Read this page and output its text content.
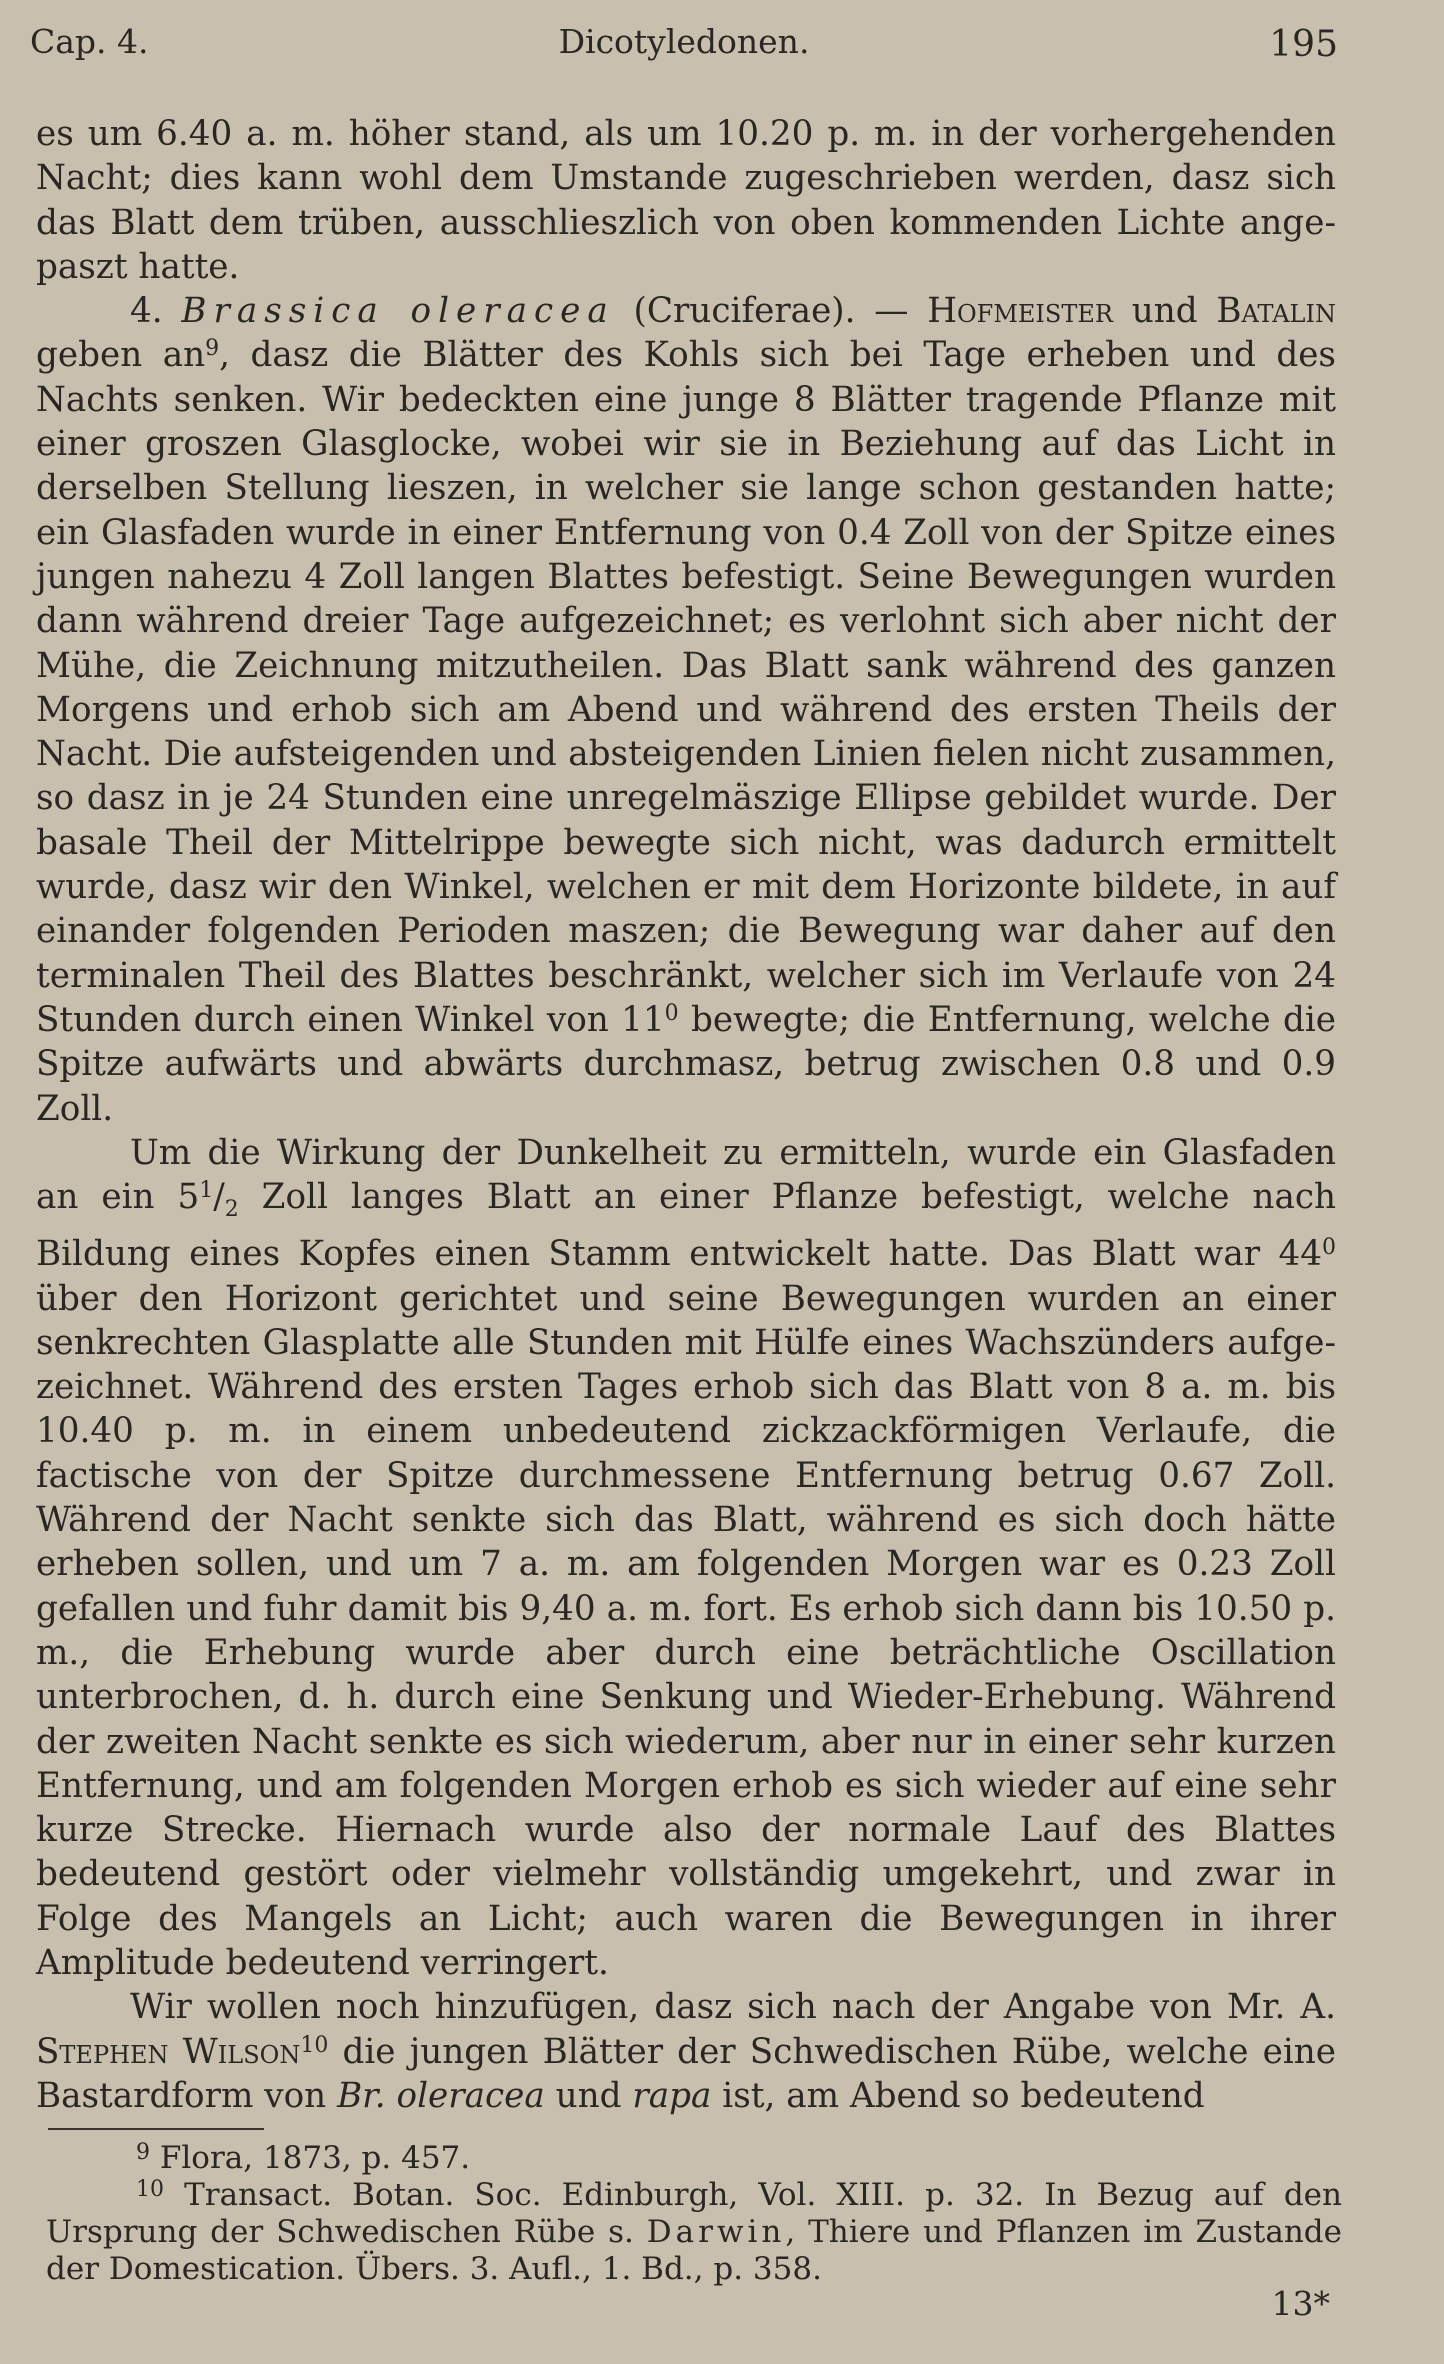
Cap. 4.	Dicotyledonen.	195

es um 6.40 a. m. höher stand, als um 10.20 p. m. in der vorhergehenden Nacht; dies kann wohl dem Umstande zugeschrieben werden, dasz sich das Blatt dem trüben, ausschlieszlich von oben kommenden Lichte angepaszt hatte.

4. Brassica oleracea (Cruciferae). — Hofmeister und Batalin geben $an^9$, dasz die Blätter des Kohls sich bei Tage erheben und des Nachts senken. Wir bedeckten eine junge 8 Blätter tragende Pflanze mit einer groszen Glasglocke, wobei wir sie in Beziehung auf das Licht in derselben Stellung lieszen, in welcher sie lange schon gestanden hatte; ein Glasfaden wurde in einer Entfernung von 0.4 Zoll von der Spitze eines jungen nahezu 4 Zoll langen Blattes befestigt. Seine Bewegungen wurden dann während dreier Tage aufgezeichnet; es verlohnt sich aber nicht der Mühe, die Zeichnung mitzutheilen. Das Blatt sank während des ganzen Morgens und erhob sich am Abend und während des ersten Theils der Nacht. Die aufsteigenden und absteigenden Linien fielen nicht zusammen, so dasz in je 24 Stunden eine unregelmäszige Ellipse gebildet wurde. Der basale Theil der Mittelrippe bewegte sich nicht, was dadurch ermittelt wurde, dasz wir den Winkel, welchen er mit dem Horizonte bildete, in auf einander folgenden Perioden maszen; die Bewegung war daher auf den terminalen Theil des Blattes beschränkt, welcher sich im Verlaufe von 24 Stunden durch einen Winkel von $11^0$ bewegte; die Entfernung, welche die Spitze aufwärts und abwärts durchmasz, betrug zwischen 0.8 und 0.9 Zoll.

Um die Wirkung der Dunkelheit zu ermitteln, wurde ein Glasfaden an ein $5^1/_2$ Zoll langes Blatt an einer Pflanze befestigt, welche nach Bildung eines Kopfes einen Stamm entwickelt hatte. Das Blatt war $44^0$ über den Horizont gerichtet und seine Bewegungen wurden an einer senkrechten Glasplatte alle Stunden mit Hülfe eines Wachszünders aufgezeichnet. Während des ersten Tages erhob sich das Blatt von 8 a. m. bis 10.40 p. m. in einem unbedeutend zickzackförmigen Verlaufe, die factische von der Spitze durchmessene Entfernung betrug 0.67 Zoll. Während der Nacht senkte sich das Blatt, während es sich doch hätte erheben sollen, und um 7 a. m. am folgenden Morgen war es 0.23 Zoll gefallen und fuhr damit bis 9,40 a. m. fort. Es erhob sich dann bis 10.50 p. m., die Erhebung wurde aber durch eine beträchtliche Oscillation unterbrochen, d. h. durch eine Senkung und Wieder-Erhebung. Während der zweiten Nacht senkte es sich wiederum, aber nur in einer sehr kurzen Entfernung, und am folgenden Morgen erhob es sich wieder auf eine sehr kurze Strecke. Hiernach wurde also der normale Lauf des Blattes bedeutend gestört oder vielmehr vollständig umgekehrt, und zwar in Folge des Mangels an Licht; auch waren die Bewegungen in ihrer Amplitude bedeutend verringert.

Wir wollen noch hinzufügen, dasz sich nach der Angabe von Mr. A. Stephen Wilson$^{10}$ die jungen Blätter der Schwedischen Rübe, welche eine Bastardform von Br. oleracea und rapa ist, am Abend so bedeutend

$^9$ Flora, 1873, p. 457.

$^{10}$ Transact. Botan. Soc. Edinburgh, Vol. XIII. p. 32. In Bezug auf den Ursprung der Schwedischen Rübe s. Darwin, Thiere und Pflanzen im Zustande der Domestication. Übers. 3. Aufl., 1. Bd., p. 358.

13*
